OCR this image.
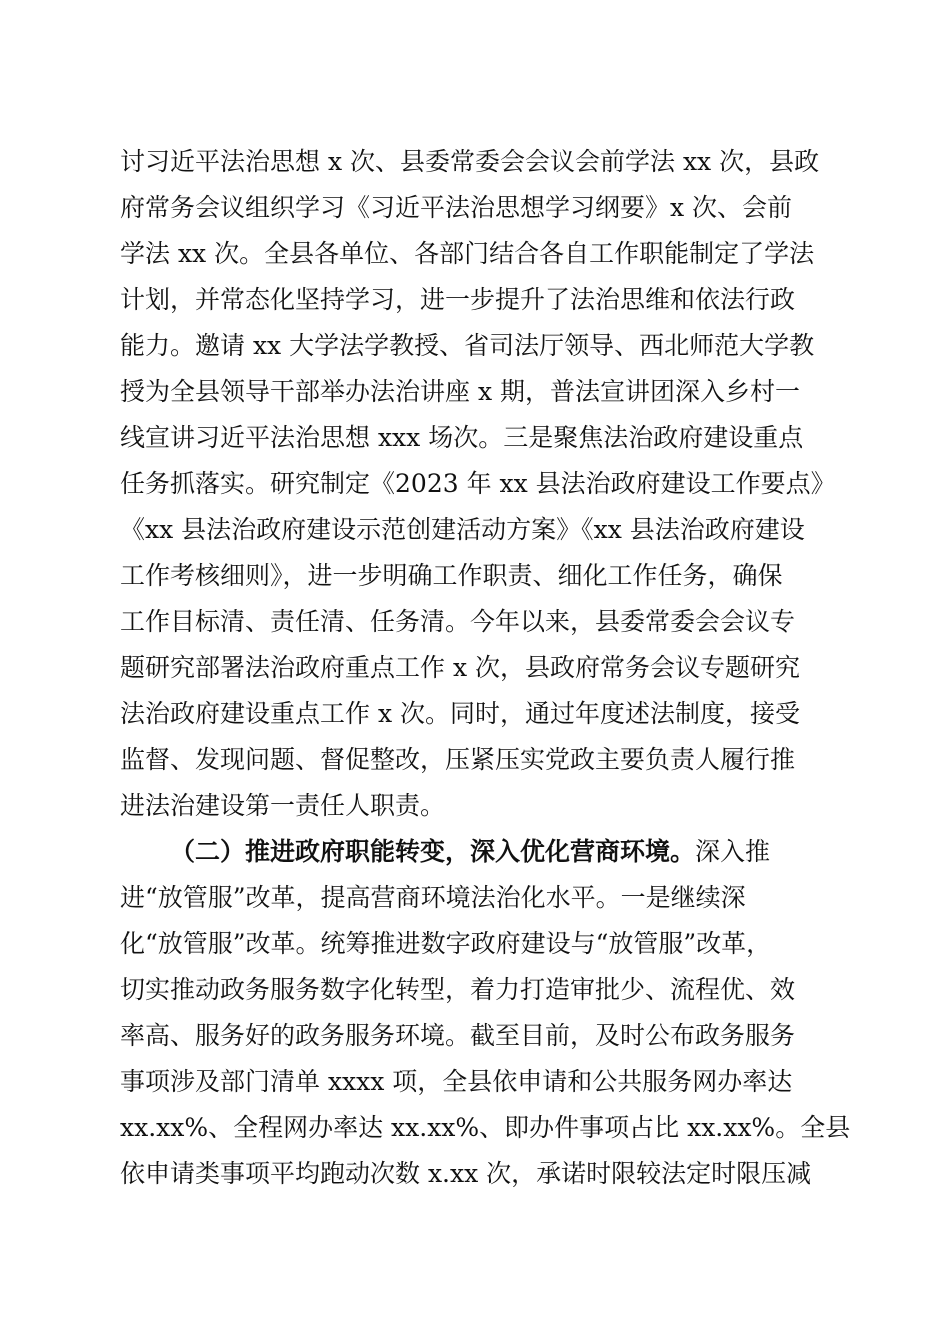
讨习近平法治思想 x 次、县委常委会会议会前学法 xx 次，县政
府常务会议组织学习《习近平法治思想学习纲要》x 次、会前
学法 xx 次。全县各单位、各部门结合各自工作职能制定了学法
计划，并常态化坚持学习，进一步提升了法治思维和依法行政
能力。邀请 xx 大学法学教授、省司法厅领导、西北师范大学教
授为全县领导干部举办法治讲座 x 期，普法宣讲团深入乡村一
线宣讲习近平法治思想 xxx 场次。三是聚焦法治政府建设重点
任务抓落实。研究制定《2023 年 xx 县法治政府建设工作要点》
《xx 县法治政府建设示范创建活动方案》《xx 县法治政府建设
工作考核细则》，进一步明确工作职责、细化工作任务，确保
工作目标清、责任清、任务清。今年以来，县委常委会会议专
题研究部署法治政府重点工作 x 次，县政府常务会议专题研究
法治政府建设重点工作 x 次。同时，通过年度述法制度，接受
监督、发现问题、督促整改，压紧压实党政主要负责人履行推
进法治建设第一责任人职责。
（二）推进政府职能转变，深入优化营商环境。深入推
进“放管服”改革，提高营商环境法治化水平。一是继续深
化“放管服”改革。统筹推进数字政府建设与“放管服”改革，
切实推动政务服务数字化转型，着力打造审批少、流程优、效
率高、服务好的政务服务环境。截至目前，及时公布政务服务
事项涉及部门清单 xxxx 项，全县依申请和公共服务网办率达
xx.xx%、全程网办率达 xx.xx%、即办件事项占比 xx.xx%。全县
依申请类事项平均跑动次数 x.xx 次，承诺时限较法定时限压减
